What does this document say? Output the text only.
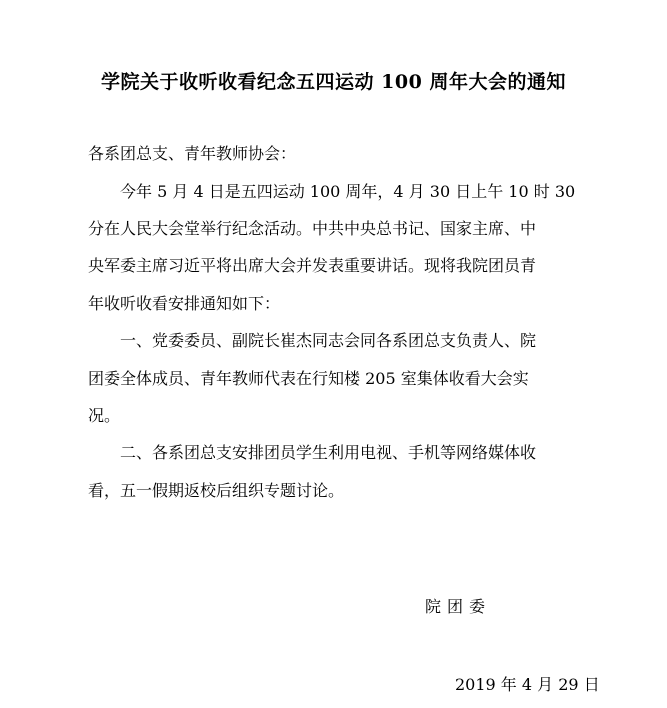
学院关于收听收看纪念五四运动 100 周年大会的通知
各系团总支、青年教师协会：
今年 5 月 4 日是五四运动 100 周年，4 月 30 日上午 10 时 30
分在人民大会堂举行纪念活动。中共中央总书记、国家主席、中
央军委主席习近平将出席大会并发表重要讲话。现将我院团员青
年收听收看安排通知如下：
一、党委委员、副院长崔杰同志会同各系团总支负责人、院
团委全体成员、青年教师代表在行知楼 205 室集体收看大会实
况。
二、各系团总支安排团员学生利用电视、手机等网络媒体收
看，五一假期返校后组织专题讨论。
院团委
2019 年 4 月 29 日
